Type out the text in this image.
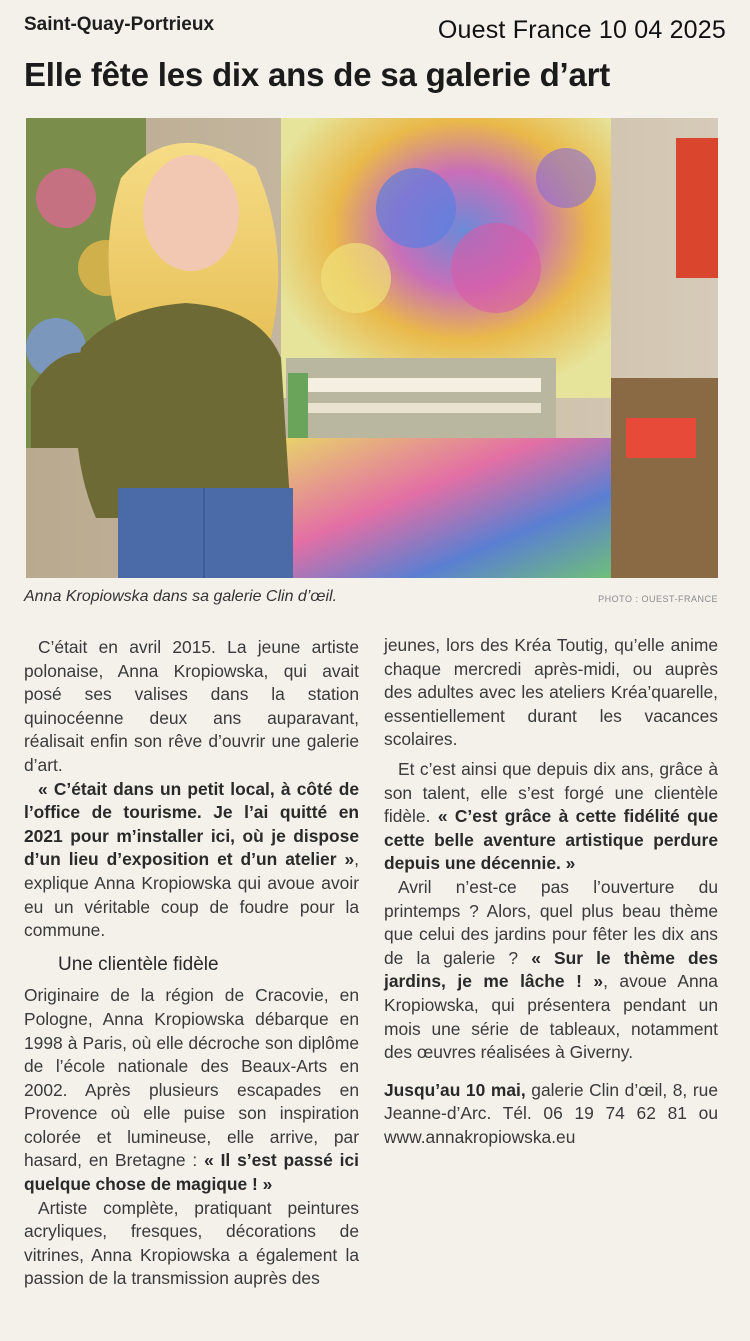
Saint-Quay-Portrieux	Ouest France 10 04 2025
Elle fête les dix ans de sa galerie d’art
Anna Kropiowska dans sa galerie Clin d’œil.	PHOTO : OUEST-FRANCE

C’était en avril 2015. La jeune artiste polonaise, Anna Kropiowska, qui avait posé ses valises dans la station quinocéenne deux ans auparavant, réalisait enfin son rêve d’ouvrir une galerie d’art.

« C’était dans un petit local, à côté de l’office de tourisme. Je l’ai quitté en 2021 pour m’installer ici, où je dispose d’un lieu d’exposition et d’un atelier », explique Anna Kropiowska qui avoue avoir eu un véritable coup de foudre pour la commune.

Une clientèle fidèle

Originaire de la région de Cracovie, en Pologne, Anna Kropiowska débarque en 1998 à Paris, où elle décroche son diplôme de l’école nationale des Beaux-Arts en 2002. Après plusieurs escapades en Provence où elle puise son inspiration colorée et lumineuse, elle arrive, par hasard, en Bretagne : « Il s’est passé ici quelque chose de magique ! »

Artiste complète, pratiquant peintures acryliques, fresques, décorations de vitrines, Anna Kropiowska a également la passion de la transmission auprès des

jeunes, lors des Kréa Toutig, qu’elle anime chaque mercredi après-midi, ou auprès des adultes avec les ateliers Kréa’quarelle, essentiellement durant les vacances scolaires.

Et c’est ainsi que depuis dix ans, grâce à son talent, elle s’est forgé une clientèle fidèle. « C’est grâce à cette fidélité que cette belle aventure artistique perdure depuis une décennie. »

Avril n’est-ce pas l’ouverture du printemps ? Alors, quel plus beau thème que celui des jardins pour fêter les dix ans de la galerie ? « Sur le thème des jardins, je me lâche ! », avoue Anna Kropiowska, qui présentera pendant un mois une série de tableaux, notamment des œuvres réalisées à Giverny.

Jusqu’au 10 mai, galerie Clin d’œil, 8, rue Jeanne-d’Arc. Tél. 06 19 74 62 81 ou www.annakropiowska.eu
